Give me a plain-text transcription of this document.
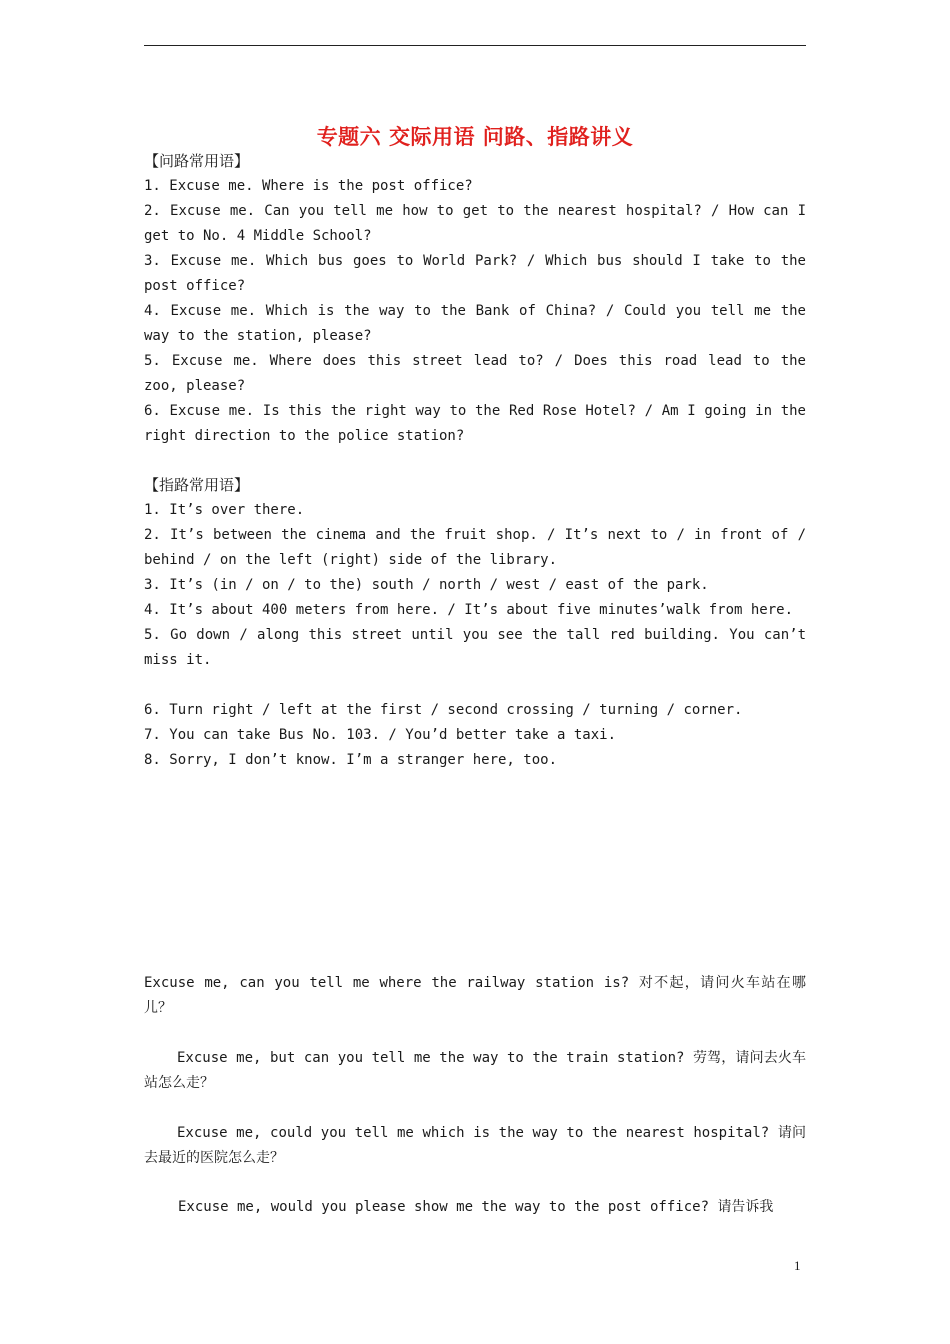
专题六 交际用语 问路、指路讲义
【问路常用语】
1. Excuse me. Where is the post office?
2. Excuse me. Can you tell me how to get to the nearest hospital? / How can I get to No. 4 Middle School?
3. Excuse me. Which bus goes to World Park? / Which bus should I take to the post office?
4. Excuse me. Which is the way to the Bank of China? / Could you tell me the way to the station, please?
5. Excuse me. Where does this street lead to? / Does this road lead to the zoo, please?
6. Excuse me. Is this the right way to the Red Rose Hotel? / Am I going in the right direction to the police station?
【指路常用语】
1. It’s over there.
2. It’s between the cinema and the fruit shop. / It’s next to / in front of / behind / on the left (right) side of the library.
3. It’s (in / on / to the) south / north / west / east of the park.
4. It’s about 400 meters from here. / It’s about five minutes’walk from here.
5. Go down / along this street until you see the tall red building. You can’t miss it.
6. Turn right / left at the first / second crossing / turning / corner.
7. You can take Bus No. 103. / You’d better take a taxi.
8. Sorry, I don’t know. I’m a stranger here, too.
Excuse me, can you tell me where the railway station is? 对不起，请问火车站在哪儿？
Excuse me, but can you tell me the way to the train station? 劳驾，请问去火车站怎么走？
Excuse me, could you tell me which is the way to the nearest hospital? 请问去最近的医院怎么走？
Excuse me, would you please show me the way to the post office? 请告诉我
1
